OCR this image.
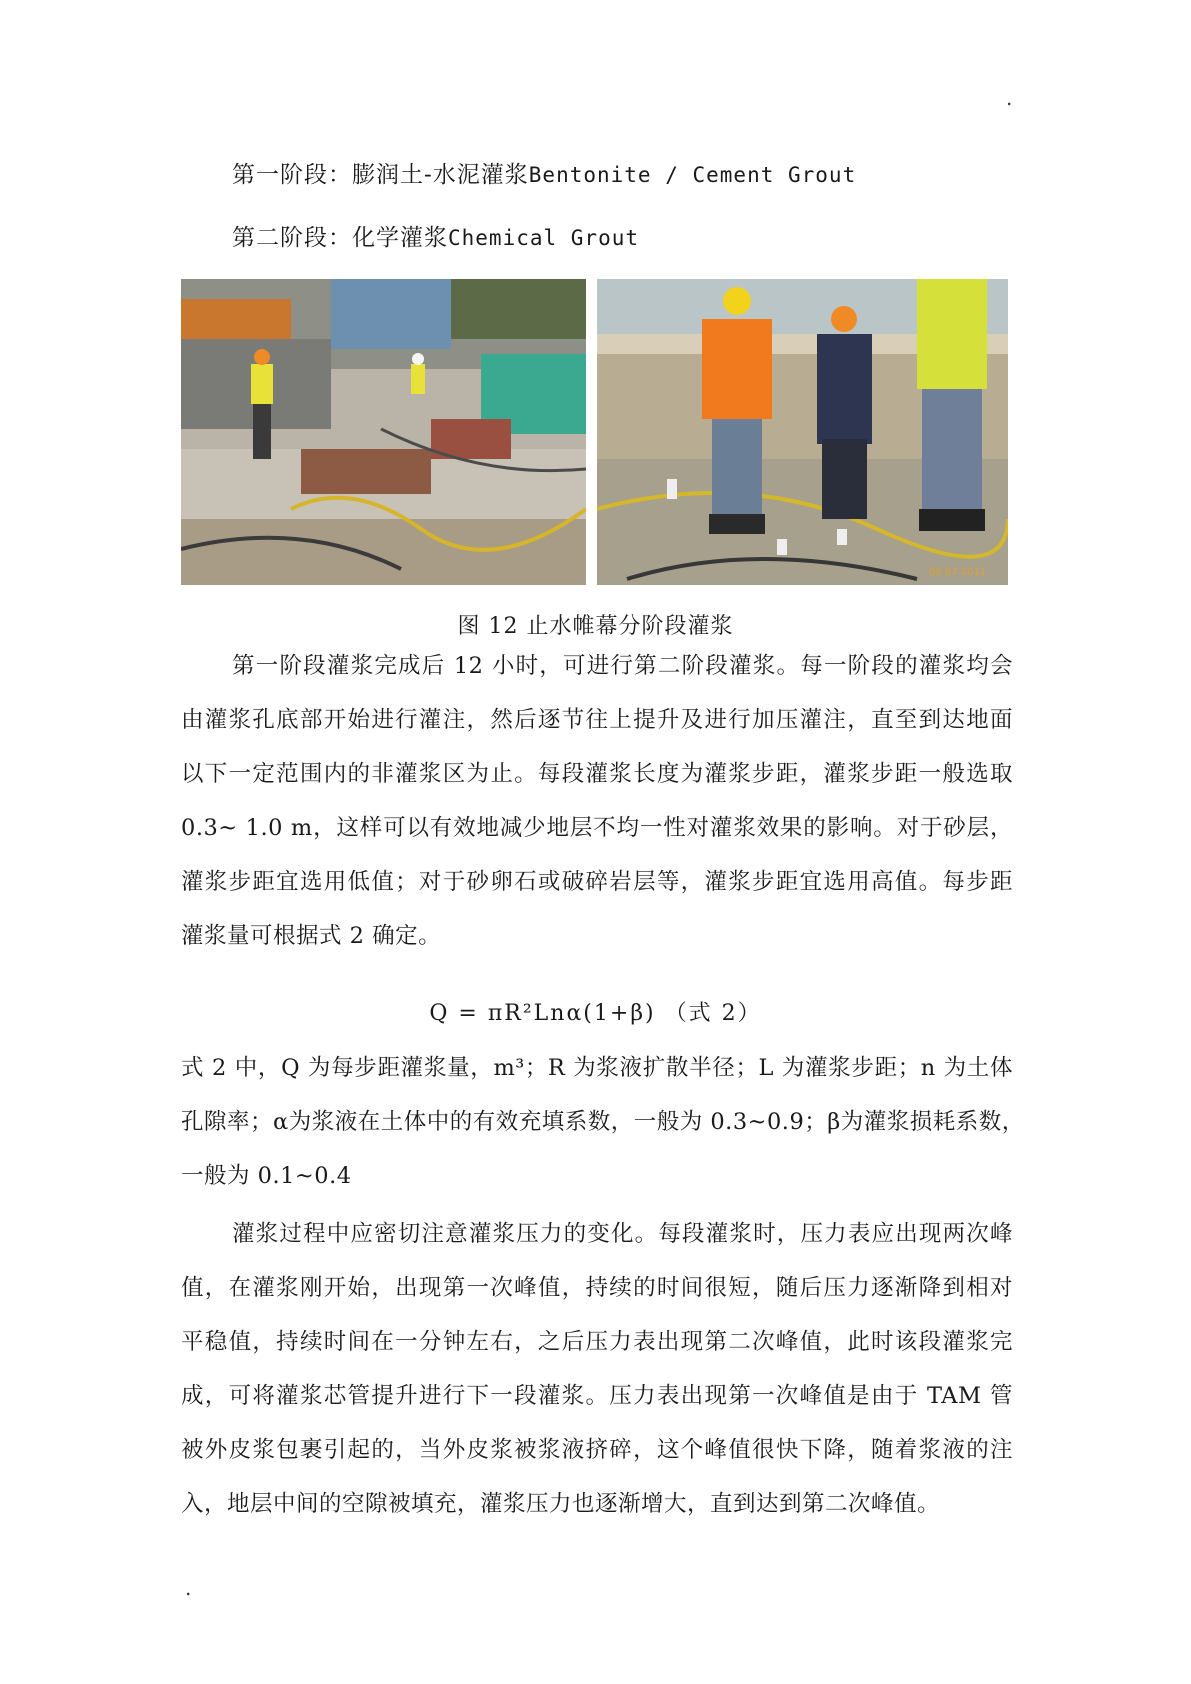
.
第一阶段：膨润土-水泥灌浆Bentonite / Cement Grout
第二阶段：化学灌浆Chemical Grout
06 07 2011
图 12 止水帷幕分阶段灌浆
第一阶段灌浆完成后 12 小时，可进行第二阶段灌浆。每一阶段的灌浆均会
由灌浆孔底部开始进行灌注，然后逐节往上提升及进行加压灌注，直至到达地面
以下一定范围内的非灌浆区为止。每段灌浆长度为灌浆步距，灌浆步距一般选取
0.3~ 1.0 m，这样可以有效地减少地层不均一性对灌浆效果的影响。对于砂层，
灌浆步距宜选用低值；对于砂卵石或破碎岩层等，灌浆步距宜选用高值。每步距
灌浆量可根据式 2 确定。
Q = πR²Lnα(1+β) （式 2）
式 2 中，Q 为每步距灌浆量，m³；R 为浆液扩散半径；L 为灌浆步距；n 为土体
孔隙率；α为浆液在土体中的有效充填系数，一般为 0.3~0.9；β为灌浆损耗系数，
一般为 0.1~0.4
灌浆过程中应密切注意灌浆压力的变化。每段灌浆时，压力表应出现两次峰
值，在灌浆刚开始，出现第一次峰值，持续的时间很短，随后压力逐渐降到相对
平稳值，持续时间在一分钟左右，之后压力表出现第二次峰值，此时该段灌浆完
成，可将灌浆芯管提升进行下一段灌浆。压力表出现第一次峰值是由于 TAM 管
被外皮浆包裹引起的，当外皮浆被浆液挤碎，这个峰值很快下降，随着浆液的注
入，地层中间的空隙被填充，灌浆压力也逐渐增大，直到达到第二次峰值。
.
